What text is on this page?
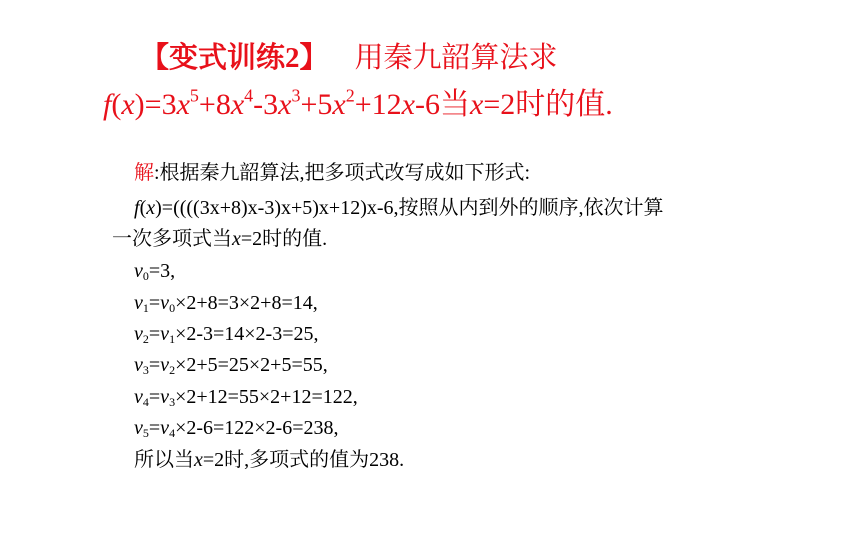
【变式训练2】 用秦九韶算法求
$f(x)=3x^5+8x^4-3x^3+5x^2+12x-6$当x=2时的值.
解:根据秦九韶算法,把多项式改写成如下形式:
f(x)=((((3x+8)x-3)x+5)x+12)x-6,按照从内到外的顺序,依次计算
一次多项式当x=2时的值.
$v_0=3$,
$v_1=v_0\times 2+8=3\times 2+8=14$,
$v_2=v_1\times 2-3=14\times 2-3=25$,
$v_3=v_2\times 2+5=25\times 2+5=55$,
$v_4=v_3\times 2+12=55\times 2+12=122$,
$v_5=v_4\times 2-6=122\times 2-6=238$,
所以当x=2时,多项式的值为238.
